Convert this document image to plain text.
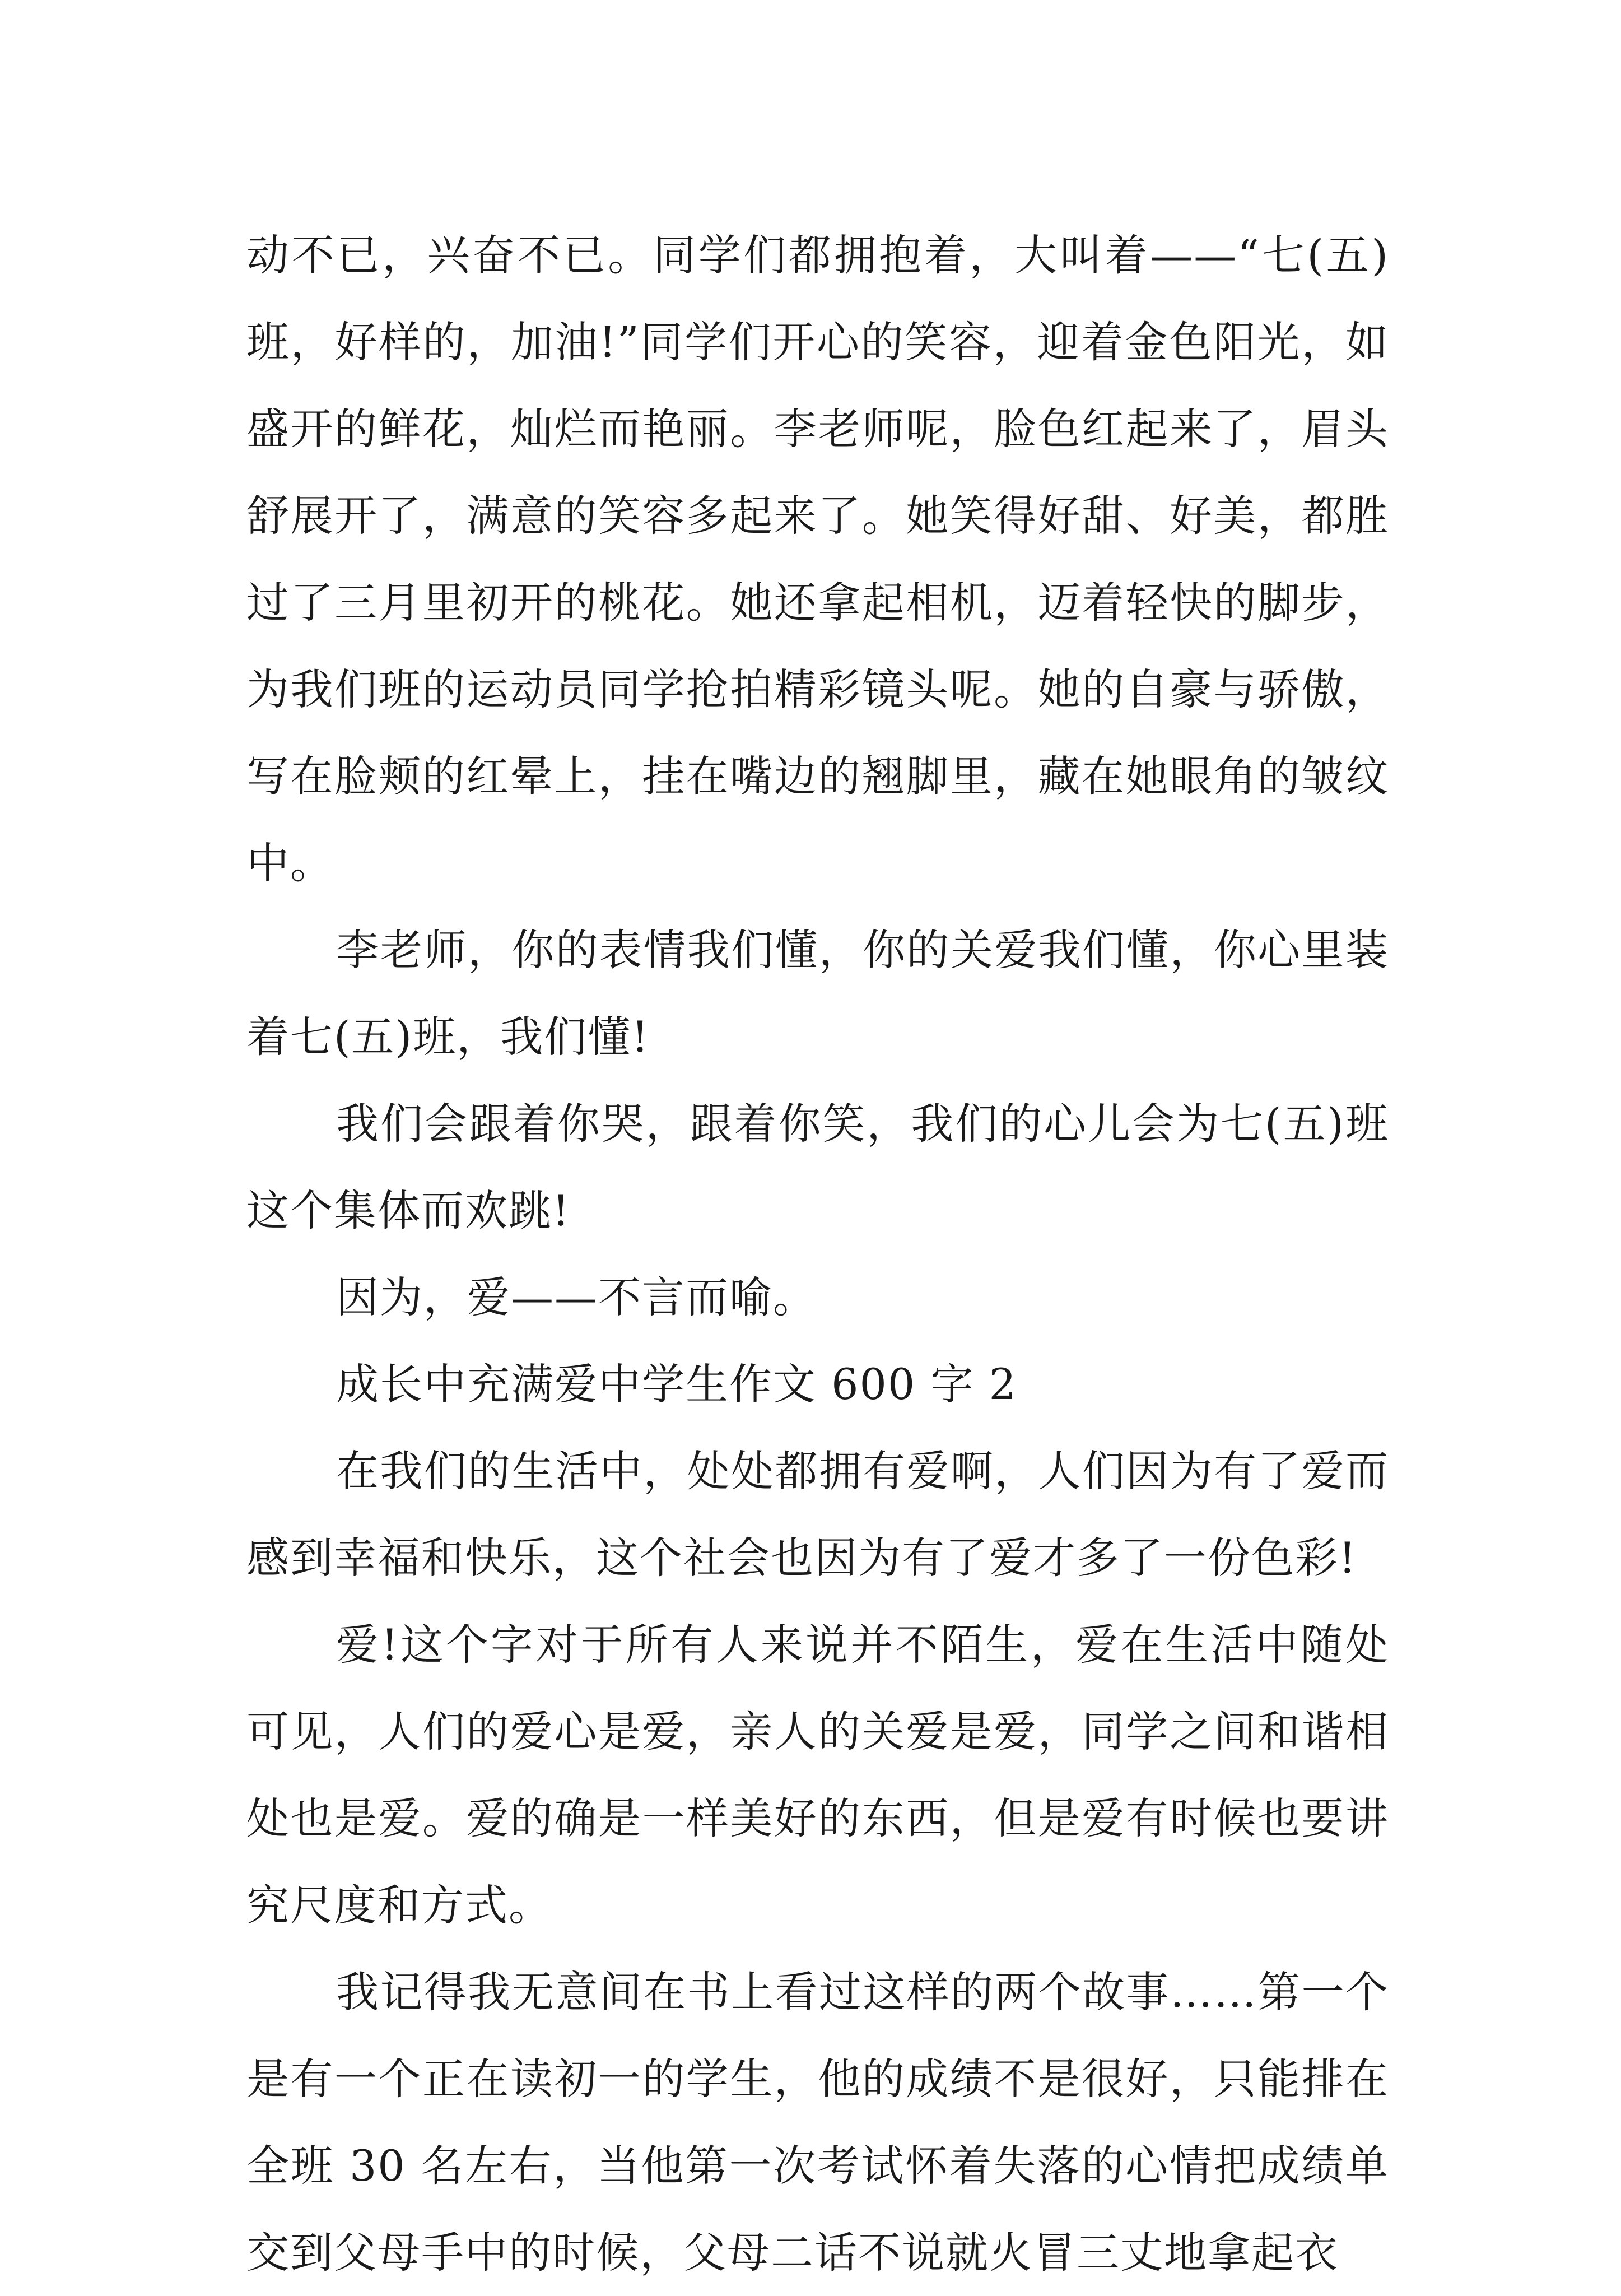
动不已，兴奋不已。同学们都拥抱着，大叫着——“七(五)班，好样的，加油!”同学们开心的笑容，迎着金色阳光，如盛开的鲜花，灿烂而艳丽。李老师呢，脸色红起来了，眉头舒展开了，满意的笑容多起来了。她笑得好甜、好美，都胜过了三月里初开的桃花。她还拿起相机，迈着轻快的脚步，为我们班的运动员同学抢拍精彩镜头呢。她的自豪与骄傲，写在脸颊的红晕上，挂在嘴边的翘脚里，藏在她眼角的皱纹中。

李老师，你的表情我们懂，你的关爱我们懂，你心里装着七(五)班，我们懂!

我们会跟着你哭，跟着你笑，我们的心儿会为七(五)班这个集体而欢跳!

因为，爱——不言而喻。

成长中充满爱中学生作文 600 字 2

在我们的生活中，处处都拥有爱啊，人们因为有了爱而感到幸福和快乐，这个社会也因为有了爱才多了一份色彩!

爱!这个字对于所有人来说并不陌生，爱在生活中随处可见，人们的爱心是爱，亲人的关爱是爱，同学之间和谐相处也是爱。爱的确是一样美好的东西，但是爱有时候也要讲究尺度和方式。

我记得我无意间在书上看过这样的两个故事……第一个是有一个正在读初一的学生，他的成绩不是很好，只能排在全班 30 名左右，当他第一次考试怀着失落的心情把成绩单交到父母手中的时候，父母二话不说就火冒三丈地拿起衣
